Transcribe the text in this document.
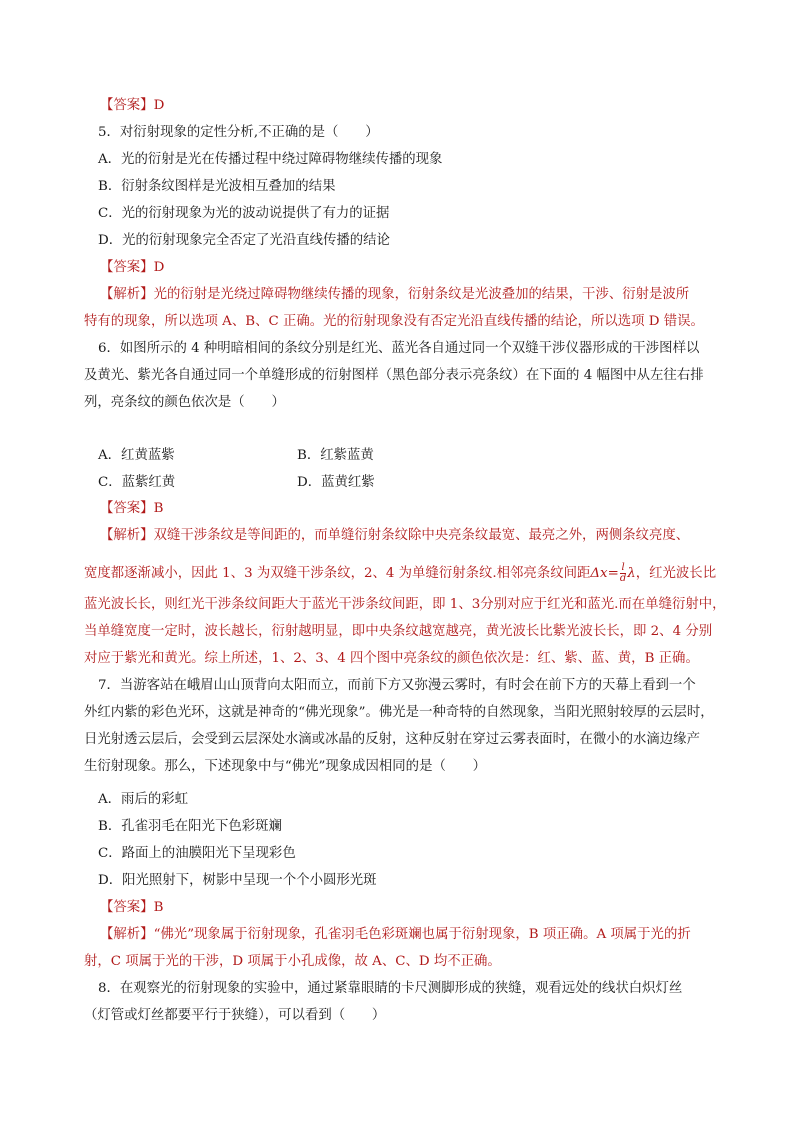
【答案】D
5．对衍射现象的定性分析,不正确的是（　　）
A．光的衍射是光在传播过程中绕过障碍物继续传播的现象
B．衍射条纹图样是光波相互叠加的结果
C．光的衍射现象为光的波动说提供了有力的证据
D．光的衍射现象完全否定了光沿直线传播的结论
【答案】D
【解析】光的衍射是光绕过障碍物继续传播的现象，衍射条纹是光波叠加的结果，干涉、衍射是波所
特有的现象，所以选项 A、B、C 正确。光的衍射现象没有否定光沿直线传播的结论，所以选项 D 错误。
6．如图所示的 4 种明暗相间的条纹分别是红光、蓝光各自通过同一个双缝干涉仪器形成的干涉图样以
及黄光、紫光各自通过同一个单缝形成的衍射图样（黑色部分表示亮条纹）在下面的 4 幅图中从左往右排
列，亮条纹的颜色依次是（　　）
A．红黄蓝紫	B．红紫蓝黄
C．蓝紫红黄	D．蓝黄红紫
【答案】B
【解析】双缝干涉条纹是等间距的，而单缝衍射条纹除中央亮条纹最宽、最亮之外，两侧条纹亮度、
宽度都逐渐减小，因此 1、3 为双缝干涉条纹，2、4 为单缝衍射条纹.相邻亮条纹间距$\Delta x= \frac{l}{d}$ λ，红光波长比
蓝光波长长，则红光干涉条纹间距大于蓝光干涉条纹间距，即 1、3分别对应于红光和蓝光.而在单缝衍射中，
当单缝宽度一定时，波长越长，衍射越明显，即中央条纹越宽越亮，黄光波长比紫光波长长，即 2、4 分别
对应于紫光和黄光。综上所述，1、2、3、4 四个图中亮条纹的颜色依次是：红、紫、蓝、黄，B 正确。
7．当游客站在峨眉山山顶背向太阳而立，而前下方又弥漫云雾时，有时会在前下方的天幕上看到一个
外红内紫的彩色光环，这就是神奇的“佛光现象”。佛光是一种奇特的自然现象，当阳光照射较厚的云层时，
日光射透云层后，会受到云层深处水滴或冰晶的反射，这种反射在穿过云雾表面时，在微小的水滴边缘产
生衍射现象。那么，下述现象中与“佛光”现象成因相同的是（　　）
A．雨后的彩虹
B．孔雀羽毛在阳光下色彩斑斓
C．路面上的油膜阳光下呈现彩色
D．阳光照射下，树影中呈现一个个小圆形光斑
【答案】B
【解析】“佛光”现象属于衍射现象，孔雀羽毛色彩斑斓也属于衍射现象，B 项正确。A 项属于光的折
射，C 项属于光的干涉，D 项属于小孔成像，故 A、C、D 均不正确。
8．在观察光的衍射现象的实验中，通过紧靠眼睛的卡尺测脚形成的狭缝，观看远处的线状白炽灯丝
（灯管或灯丝都要平行于狭缝），可以看到（　　）
